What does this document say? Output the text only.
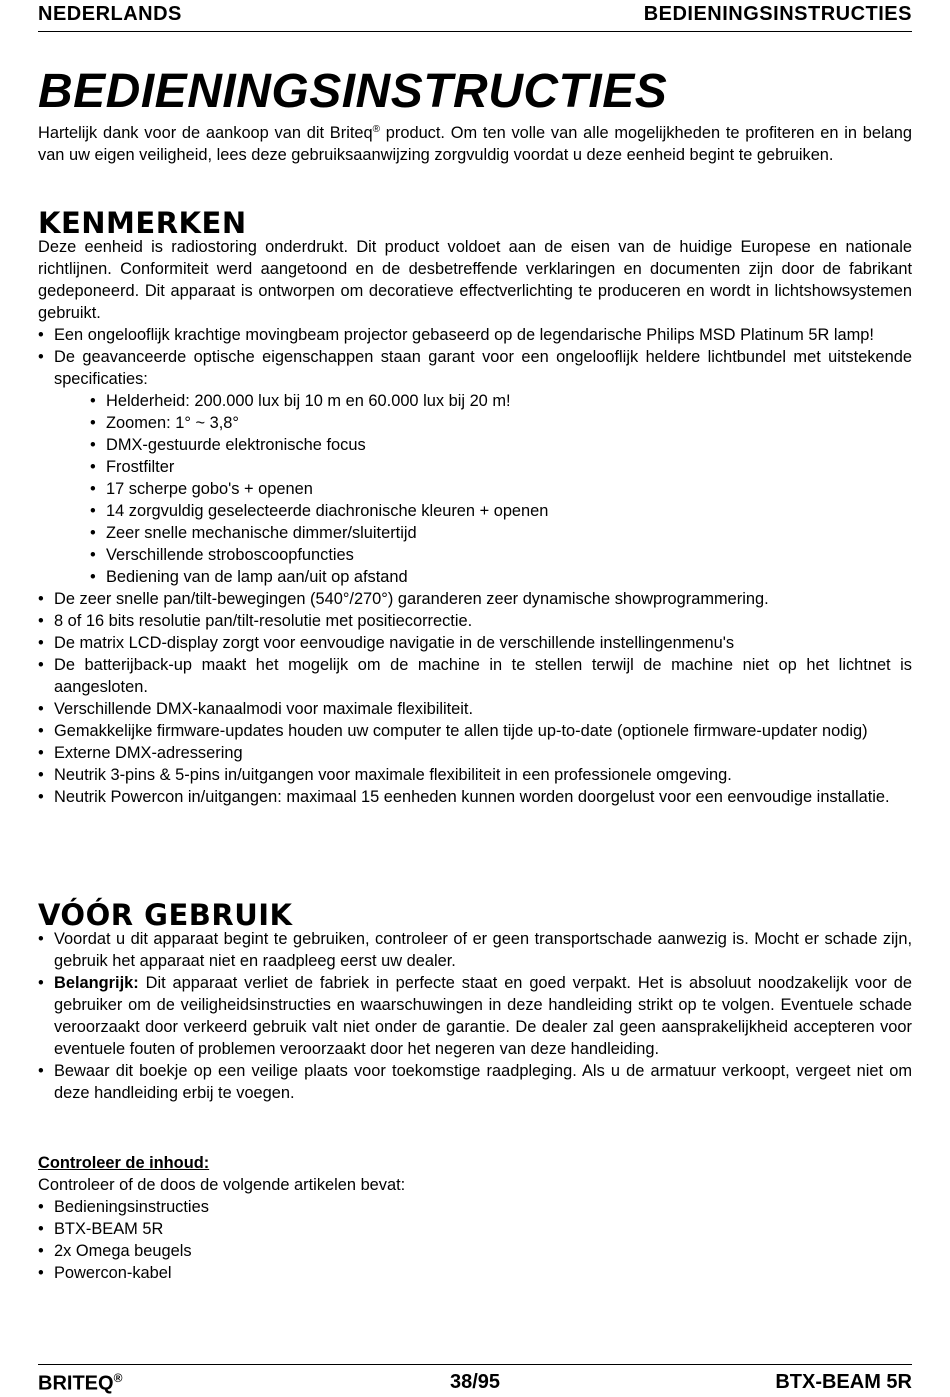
NEDERLANDS	BEDIENINGSINSTRUCTIES
BEDIENINGSINSTRUCTIES

Hartelijk dank voor de aankoop van dit Briteq® product. Om ten volle van alle mogelijkheden te profiteren en in belang van uw eigen veiligheid, lees deze gebruiksaanwijzing zorgvuldig voordat u deze eenheid begint te gebruiken.

KENMERKEN

Deze eenheid is radiostoring onderdrukt. Dit product voldoet aan de eisen van de huidige Europese en nationale richtlijnen. Conformiteit werd aangetoond en de desbetreffende verklaringen en documenten zijn door de fabrikant gedeponeerd. Dit apparaat is ontworpen om decoratieve effectverlichting te produceren en wordt in lichtshowsystemen gebruikt.

• Een ongelooflijk krachtige movingbeam projector gebaseerd op de legendarische Philips MSD Platinum 5R lamp!
• De geavanceerde optische eigenschappen staan garant voor een ongelooflijk heldere lichtbundel met uitstekende specificaties:
• Helderheid: 200.000 lux bij 10 m en 60.000 lux bij 20 m!
• Zoomen: 1° ~ 3,8°
• DMX-gestuurde elektronische focus
• Frostfilter
• 17 scherpe gobo's + openen
• 14 zorgvuldig geselecteerde diachronische kleuren + openen
• Zeer snelle mechanische dimmer/sluitertijd
• Verschillende stroboscoopfuncties
• Bediening van de lamp aan/uit op afstand
• De zeer snelle pan/tilt-bewegingen (540°/270°) garanderen zeer dynamische showprogrammering.
• 8 of 16 bits resolutie pan/tilt-resolutie met positiecorrectie.
• De matrix LCD-display zorgt voor eenvoudige navigatie in de verschillende instellingenmenu's
• De batterijback-up maakt het mogelijk om de machine in te stellen terwijl de machine niet op het lichtnet is aangesloten.
• Verschillende DMX-kanaalmodi voor maximale flexibiliteit.
• Gemakkelijke firmware-updates houden uw computer te allen tijde up-to-date (optionele firmware-updater nodig)
• Externe DMX-adressering
• Neutrik 3-pins & 5-pins in/uitgangen voor maximale flexibiliteit in een professionele omgeving.
• Neutrik Powercon in/uitgangen: maximaal 15 eenheden kunnen worden doorgelust voor een eenvoudige installatie.
VÓÓR GEBRUIK
• Voordat u dit apparaat begint te gebruiken, controleer of er geen transportschade aanwezig is. Mocht er schade zijn, gebruik het apparaat niet en raadpleeg eerst uw dealer.
• Belangrijk: Dit apparaat verliet de fabriek in perfecte staat en goed verpakt. Het is absoluut noodzakelijk voor de gebruiker om de veiligheidsinstructies en waarschuwingen in deze handleiding strikt op te volgen. Eventuele schade veroorzaakt door verkeerd gebruik valt niet onder de garantie. De dealer zal geen aansprakelijkheid accepteren voor eventuele fouten of problemen veroorzaakt door het negeren van deze handleiding.
• Bewaar dit boekje op een veilige plaats voor toekomstige raadpleging. Als u de armatuur verkoopt, vergeet niet om deze handleiding erbij te voegen.

Controleer de inhoud:

Controleer of de doos de volgende artikelen bevat:

• Bedieningsinstructies
• BTX-BEAM 5R
• 2x Omega beugels
• Powercon-kabel
BRITEQ®	38/95	BTX-BEAM 5R
